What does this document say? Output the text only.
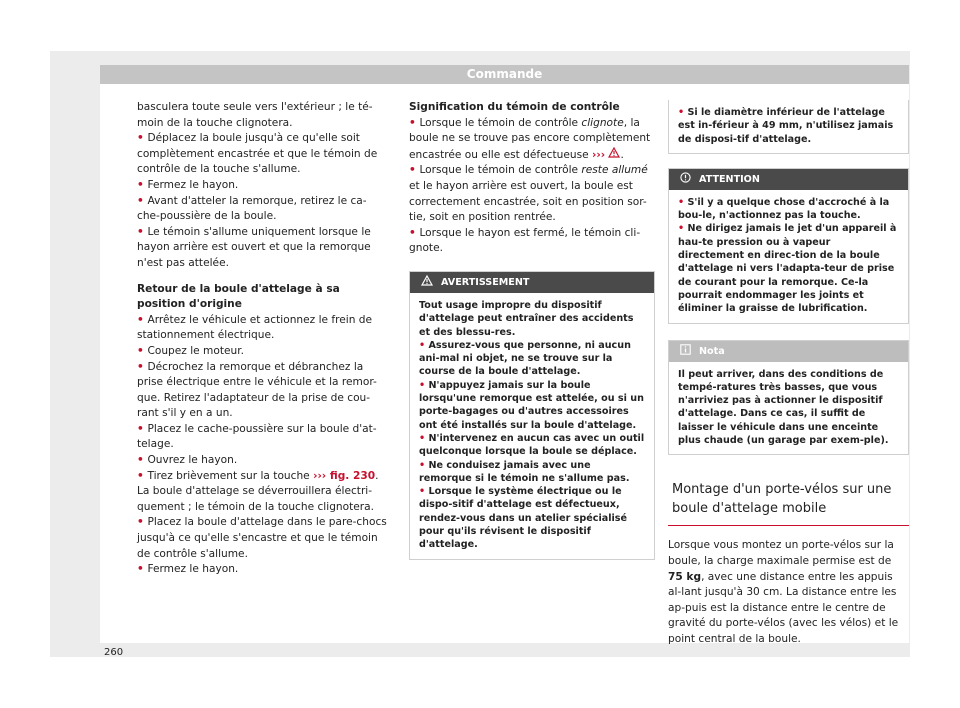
Commande

basculera toute seule vers l'extérieur ; le té-moin de la touche clignotera.

• Déplacez la boule jusqu'à ce qu'elle soit complètement encastrée et que le témoin de contrôle de la touche s'allume.

• Fermez le hayon.

• Avant d'atteler la remorque, retirez le ca-che-poussière de la boule.

• Le témoin s'allume uniquement lorsque le hayon arrière est ouvert et que la remorque n'est pas attelée.

Retour de la boule d'attelage à sa position d'origine

• Arrêtez le véhicule et actionnez le frein de stationnement électrique.

• Coupez le moteur.

• Décrochez la remorque et débranchez la prise électrique entre le véhicule et la remor-que. Retirez l'adaptateur de la prise de cou-rant s'il y en a un.

• Placez le cache-poussière sur la boule d'at-telage.

• Ouvrez le hayon.

• Tirez brièvement sur la touche ››› fig. 230. La boule d'attelage se déverrouillera électri-quement ; le témoin de la touche clignotera.

• Placez la boule d'attelage dans le pare-chocs jusqu'à ce qu'elle s'encastre et que le témoin de contrôle s'allume.

• Fermez le hayon.

Signification du témoin de contrôle

• Lorsque le témoin de contrôle clignote, la boule ne se trouve pas encore complètement encastrée ou elle est défectueuse ››› .

• Lorsque le témoin de contrôle reste allumé et le hayon arrière est ouvert, la boule est correctement encastrée, soit en position sor-tie, soit en position rentrée.

• Lorsque le hayon est fermé, le témoin cli-gnote.

AVERTISSEMENT

Tout usage impropre du dispositif d'attelage peut entraîner des accidents et des blessu-res.

• Assurez-vous que personne, ni aucun ani-mal ni objet, ne se trouve sur la course de la boule d'attelage.

• N'appuyez jamais sur la boule lorsqu'une remorque est attelée, ou si un porte-bagages ou d'autres accessoires ont été installés sur la boule d'attelage.

• N'intervenez en aucun cas avec un outil quelconque lorsque la boule se déplace.

• Ne conduisez jamais avec une remorque si le témoin ne s'allume pas.

• Lorsque le système électrique ou le dispo-sitif d'attelage est défectueux, rendez-vous dans un atelier spécialisé pour qu'ils révisent le dispositif d'attelage.

• Si le diamètre inférieur de l'attelage est in-férieur à 49 mm, n'utilisez jamais de disposi-tif d'attelage.

ATTENTION

• S'il y a quelque chose d'accroché à la bou-le, n'actionnez pas la touche.

• Ne dirigez jamais le jet d'un appareil à hau-te pression ou à vapeur directement en direc-tion de la boule d'attelage ni vers l'adapta-teur de prise de courant pour la remorque. Ce-la pourrait endommager les joints et éliminer la graisse de lubrification.

Nota

Il peut arriver, dans des conditions de tempé-ratures très basses, que vous n'arriviez pas à actionner le dispositif d'attelage. Dans ce cas, il suffit de laisser le véhicule dans une enceinte plus chaude (un garage par exem-ple).

Montage d'un porte-vélos sur une boule d'attelage mobile

Lorsque vous montez un porte-vélos sur la boule, la charge maximale permise est de 75 kg, avec une distance entre les appuis al-lant jusqu'à 30 cm. La distance entre les ap-puis est la distance entre le centre de gravité du porte-vélos (avec les vélos) et le point central de la boule.

260
